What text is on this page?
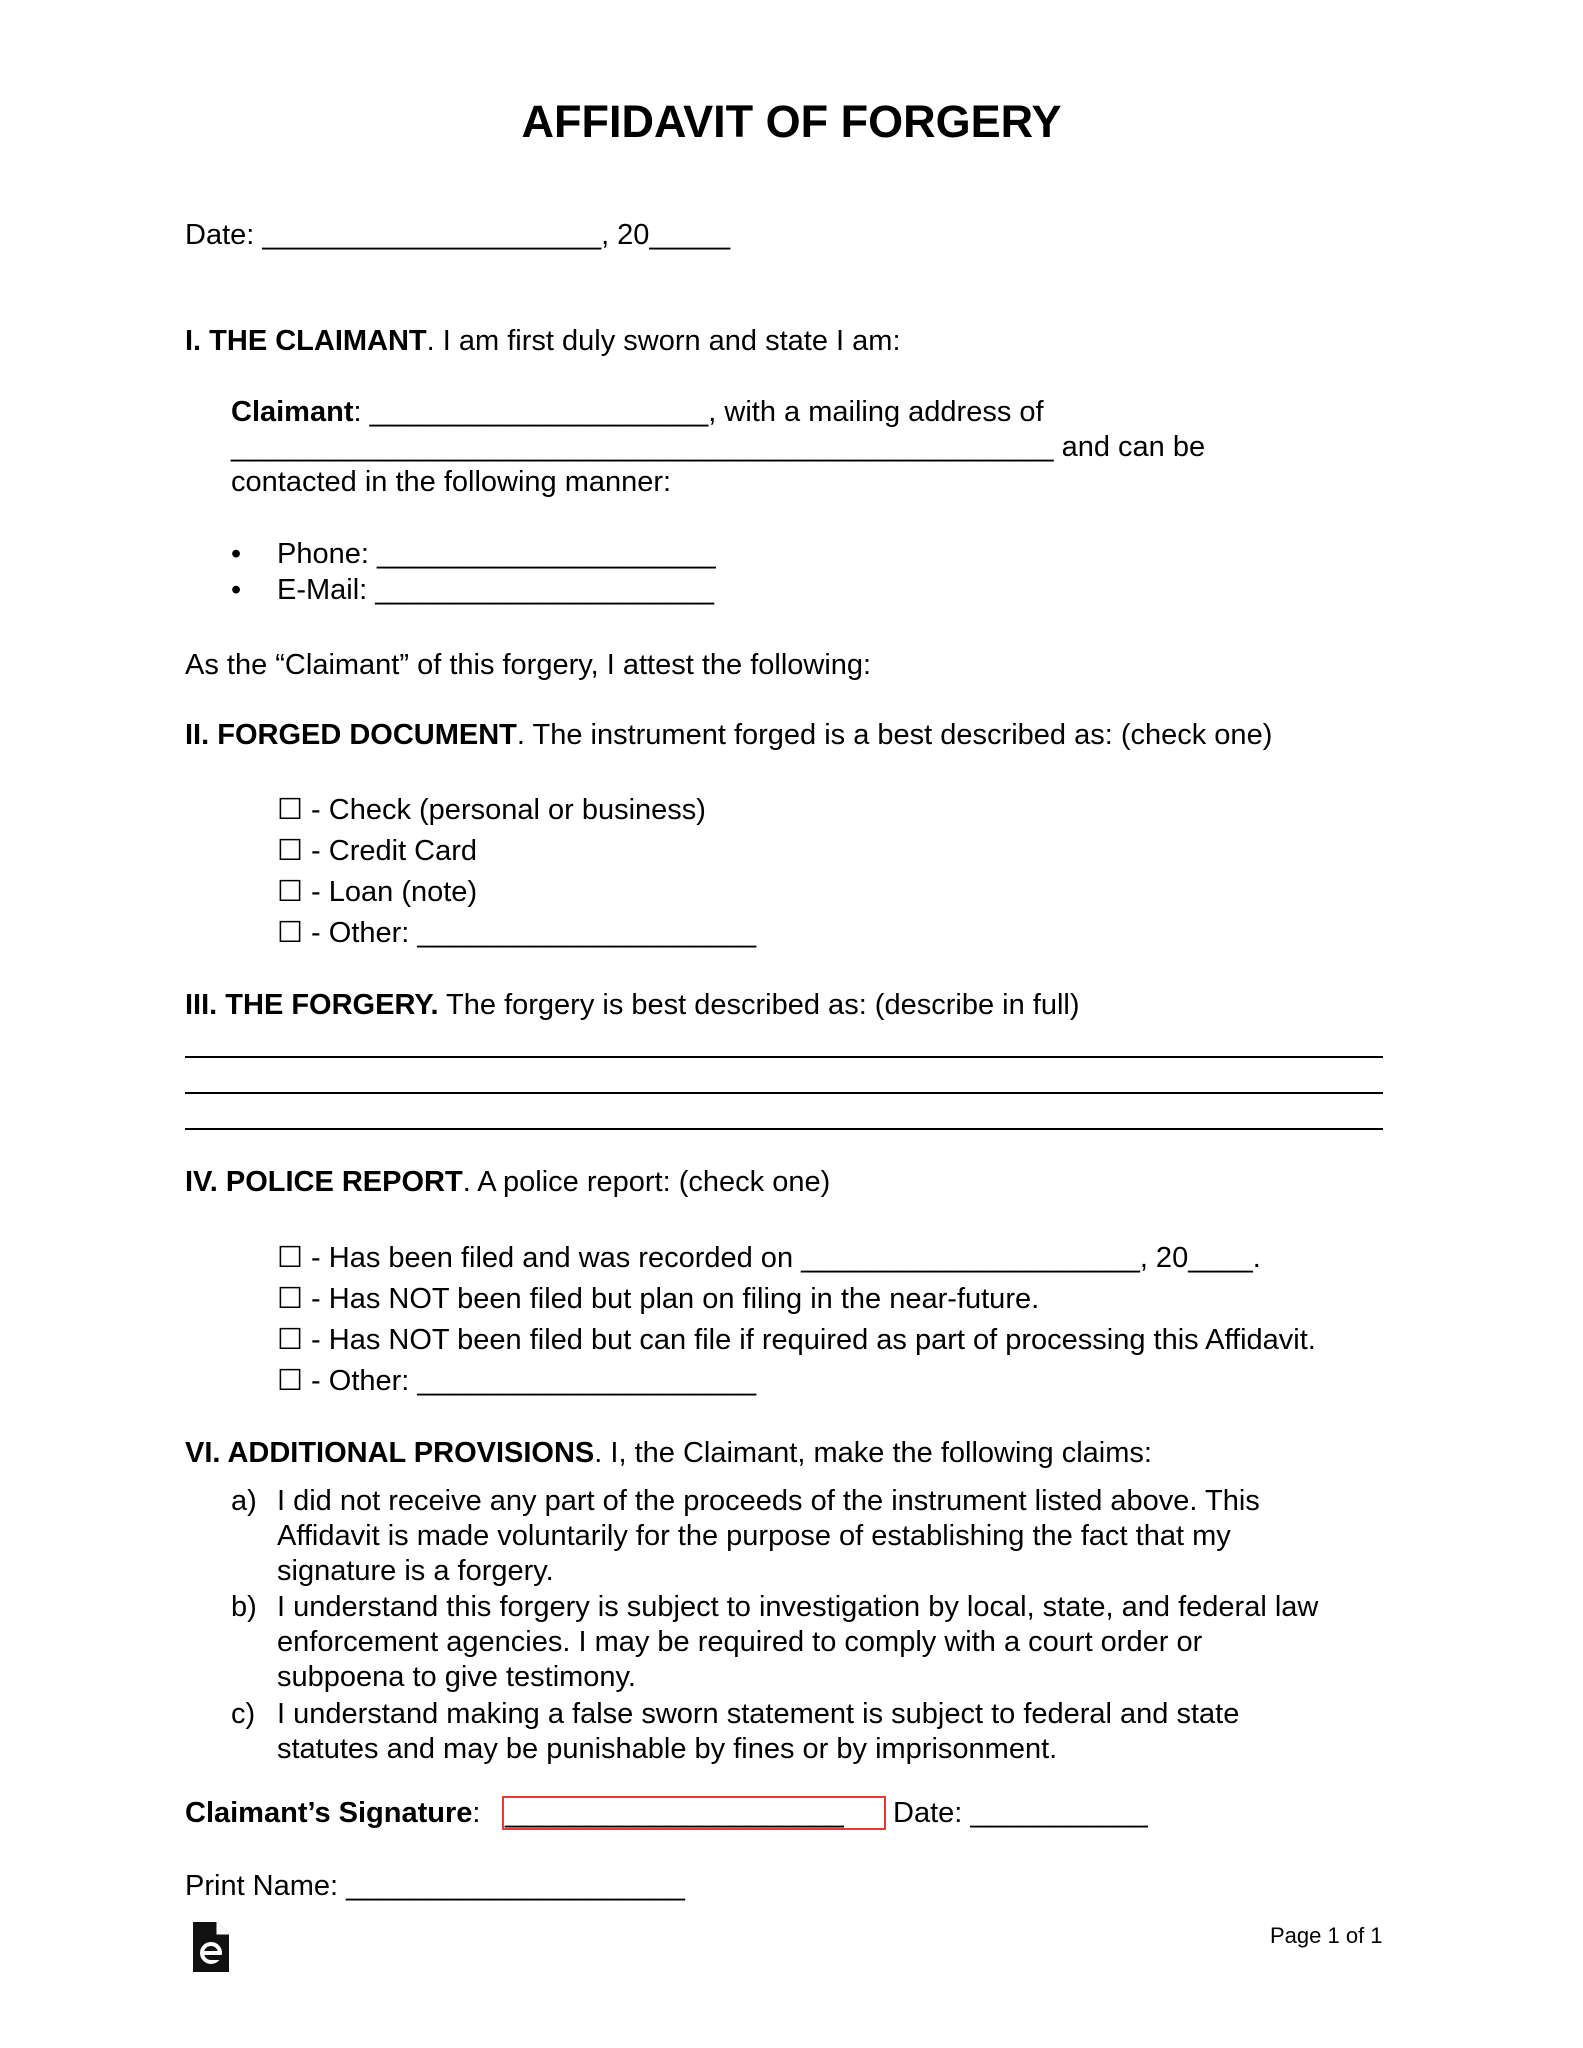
AFFIDAVIT OF FORGERY
Date: _____________________, 20_____
I. THE CLAIMANT. I am first duly sworn and state I am:
Claimant: _____________________, with a mailing address of
___________________________________________________ and can be
contacted in the following manner:
• Phone: _____________________
• E-Mail: _____________________
As the “Claimant” of this forgery, I attest the following:
II. FORGED DOCUMENT. The instrument forged is a best described as: (check one)
☐ - Check (personal or business)
☐ - Credit Card
☐ - Loan (note)
☐ - Other: _____________________
III. THE FORGERY. The forgery is best described as: (describe in full)
IV. POLICE REPORT. A police report: (check one)
☐ - Has been filed and was recorded on _____________________, 20____.
☐ - Has NOT been filed but plan on filing in the near-future.
☐ - Has NOT been filed but can file if required as part of processing this Affidavit.
☐ - Other: _____________________
VI. ADDITIONAL PROVISIONS. I, the Claimant, make the following claims:
a) I did not receive any part of the proceeds of the instrument listed above. This
Affidavit is made voluntarily for the purpose of establishing the fact that my
signature is a forgery.
b) I understand this forgery is subject to investigation by local, state, and federal law
enforcement agencies. I may be required to comply with a court order or
subpoena to give testimony.
c) I understand making a false sworn statement is subject to federal and state
statutes and may be punishable by fines or by imprisonment.
Claimant’s Signature: _____________________ Date: ___________
Print Name: _____________________
Page 1 of 1
